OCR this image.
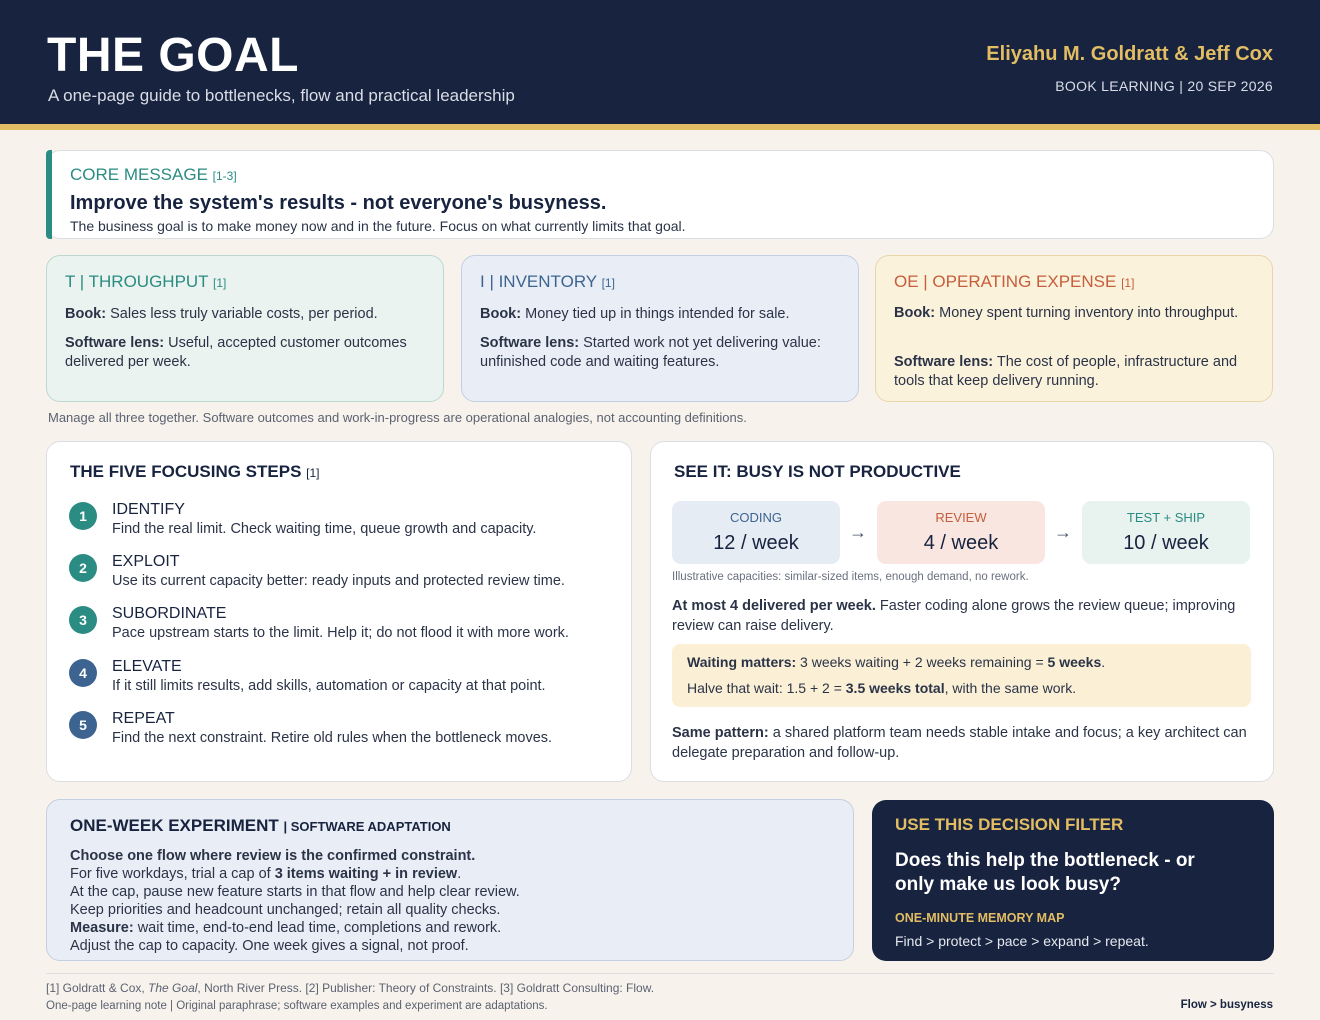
THE GOAL
A one-page guide to bottlenecks, flow and practical leadership
Eliyahu M. Goldratt & Jeff Cox
BOOK LEARNING | 20 SEP 2026
CORE MESSAGE [1-3]
Improve the system's results - not everyone's busyness.
The business goal is to make money now and in the future. Focus on what currently limits that goal.
T | THROUGHPUT [1]
Book: Sales less truly variable costs, per period.
Software lens: Useful, accepted customer outcomes delivered per week.
I | INVENTORY [1]
Book: Money tied up in things intended for sale.
Software lens: Started work not yet delivering value: unfinished code and waiting features.
OE | OPERATING EXPENSE [1]
Book: Money spent turning inventory into throughput.
Software lens: The cost of people, infrastructure and tools that keep delivery running.
Manage all three together. Software outcomes and work-in-progress are operational analogies, not accounting definitions.
THE FIVE FOCUSING STEPS [1]
1	IDENTIFY
Find the real limit. Check waiting time, queue growth and capacity.
2	EXPLOIT
Use its current capacity better: ready inputs and protected review time.
3	SUBORDINATE
Pace upstream starts to the limit. Help it; do not flood it with more work.
4	ELEVATE
If it still limits results, add skills, automation or capacity at that point.
5	REPEAT
Find the next constraint. Retire old rules when the bottleneck moves.
SEE IT: BUSY IS NOT PRODUCTIVE
CODING
12 / week	→
REVIEW
4 / week	→
TEST + SHIP
10 / week
Illustrative capacities: similar-sized items, enough demand, no rework.
At most 4 delivered per week. Faster coding alone grows the review queue; improving review can raise delivery.
Waiting matters: 3 weeks waiting + 2 weeks remaining = 5 weeks.
Halve that wait: 1.5 + 2 = 3.5 weeks total, with the same work.
Same pattern: a shared platform team needs stable intake and focus; a key architect can delegate preparation and follow-up.
ONE-WEEK EXPERIMENT | SOFTWARE ADAPTATION
Choose one flow where review is the confirmed constraint.
For five workdays, trial a cap of 3 items waiting + in review.
At the cap, pause new feature starts in that flow and help clear review.
Keep priorities and headcount unchanged; retain all quality checks.
Measure: wait time, end-to-end lead time, completions and rework.
Adjust the cap to capacity. One week gives a signal, not proof.
USE THIS DECISION FILTER
Does this help the bottleneck - or only make us look busy?
ONE-MINUTE MEMORY MAP
Find > protect > pace > expand > repeat.
[1] Goldratt & Cox, The Goal, North River Press. [2] Publisher: Theory of Constraints. [3] Goldratt Consulting: Flow.
One-page learning note | Original paraphrase; software examples and experiment are adaptations.	Flow > busyness
